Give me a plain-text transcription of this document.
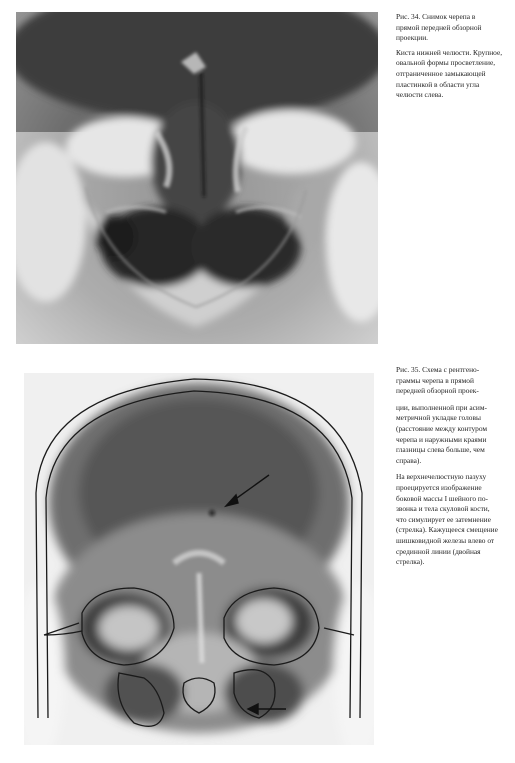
Рис. 34. Снимок черепа в
прямой передней обзорной
проекции.

Киста нижней челюсти. Крупное,
овальной формы просветление,
отграниченное замыкающей
пластинкой в области угла
челюсти слева.

Рис. 35. Схема с рентгено-
граммы черепа в прямой
передней обзорной проек-
ции, выполненной при асим-
метричной укладке головы
(расстояние между контуром
черепа и наружными краями
глазницы слева больше, чем
справа).

На верхнечелюстную пазуху
проецируется изображение
боковой массы I шейного по-
звонка и тела скуловой кости,
что симулирует ее затемнение
(стрелка). Кажущееся смещение
шишковидной железы влево от
срединной линии (двойная
стрелка).
